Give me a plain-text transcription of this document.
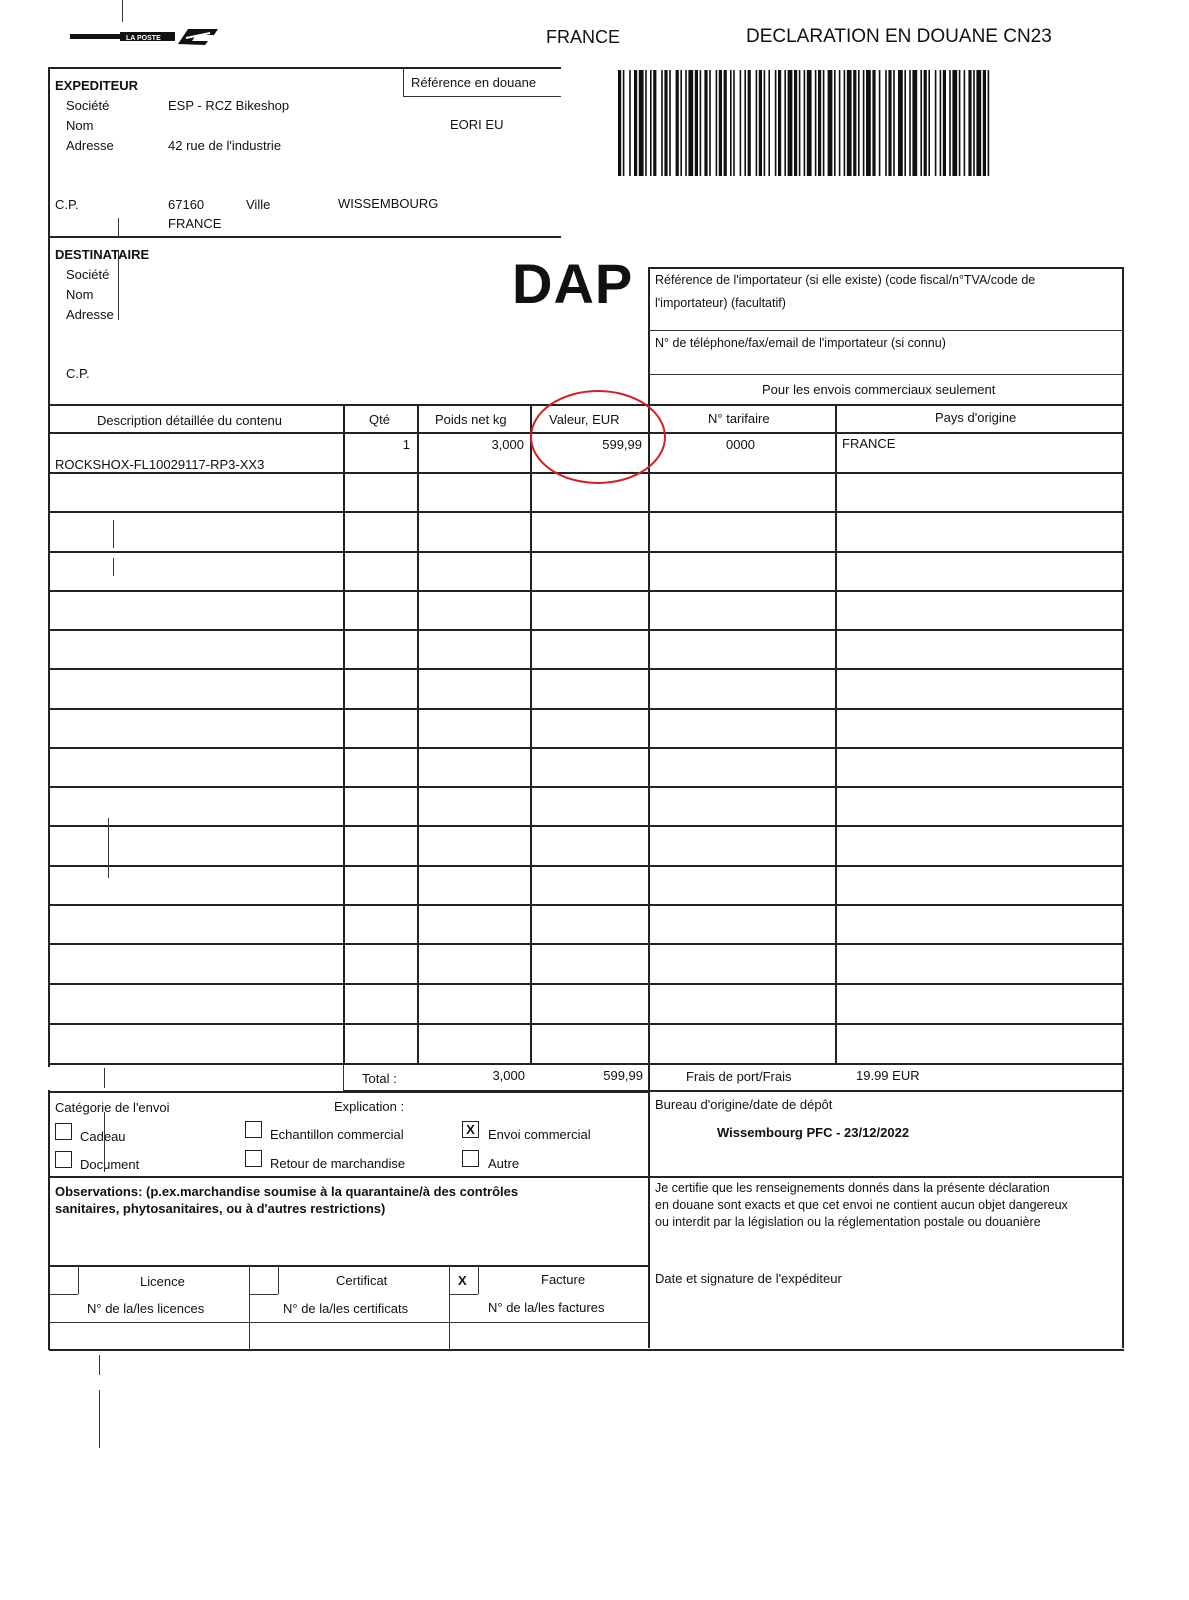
LA POSTE	FRANCE	DECLARATION EN DOUANE CN23
EXPEDITEUR
Société	ESP - RCZ Bikeshop
Nom
Adresse	42 rue de l'industrie
Référence en douane
EORI EU
C.P.	67160	Ville	WISSEMBOURG
FRANCE
DESTINATAIRE
Société
Nom
Adresse
C.P.
DAP Référence de l'importateur (si elle existe) (code fiscal/n°TVA/code de
l'importateur) (facultatif)
N° de téléphone/fax/email de l'importateur (si connu)
Pour les envois commerciaux seulement
Description détaillée du contenu	Qté	Poids net kg	Valeur, EUR	N° tarifaire	Pays d'origine
ROCKSHOX-FL10029117-RP3-XX3
1	3,000	599,99	0000	FRANCE
Total :	3,000	599,99	Frais de port/Frais	19.99 EUR
Catégorie de l'envoi	Explication :
Cadeau
Document
Echantillon commercial
Retour de marchandise
X	Envoi commercial
Autre
Bureau d'origine/date de dépôt
Wissembourg PFC - 23/12/2022
Observations: (p.ex.marchandise soumise à la quarantaine/à des contrôles
sanitaires, phytosanitaires, ou à d'autres restrictions)
Je certifie que les renseignements donnés dans la présente déclaration
en douane sont exacts et que cet envoi ne contient aucun objet dangereux
ou interdit par la législation ou la réglementation postale ou douanière
Date et signature de l'expéditeur
Licence
N° de la/les licences
Certificat
N° de la/les certificats
X	Facture
N° de la/les factures
